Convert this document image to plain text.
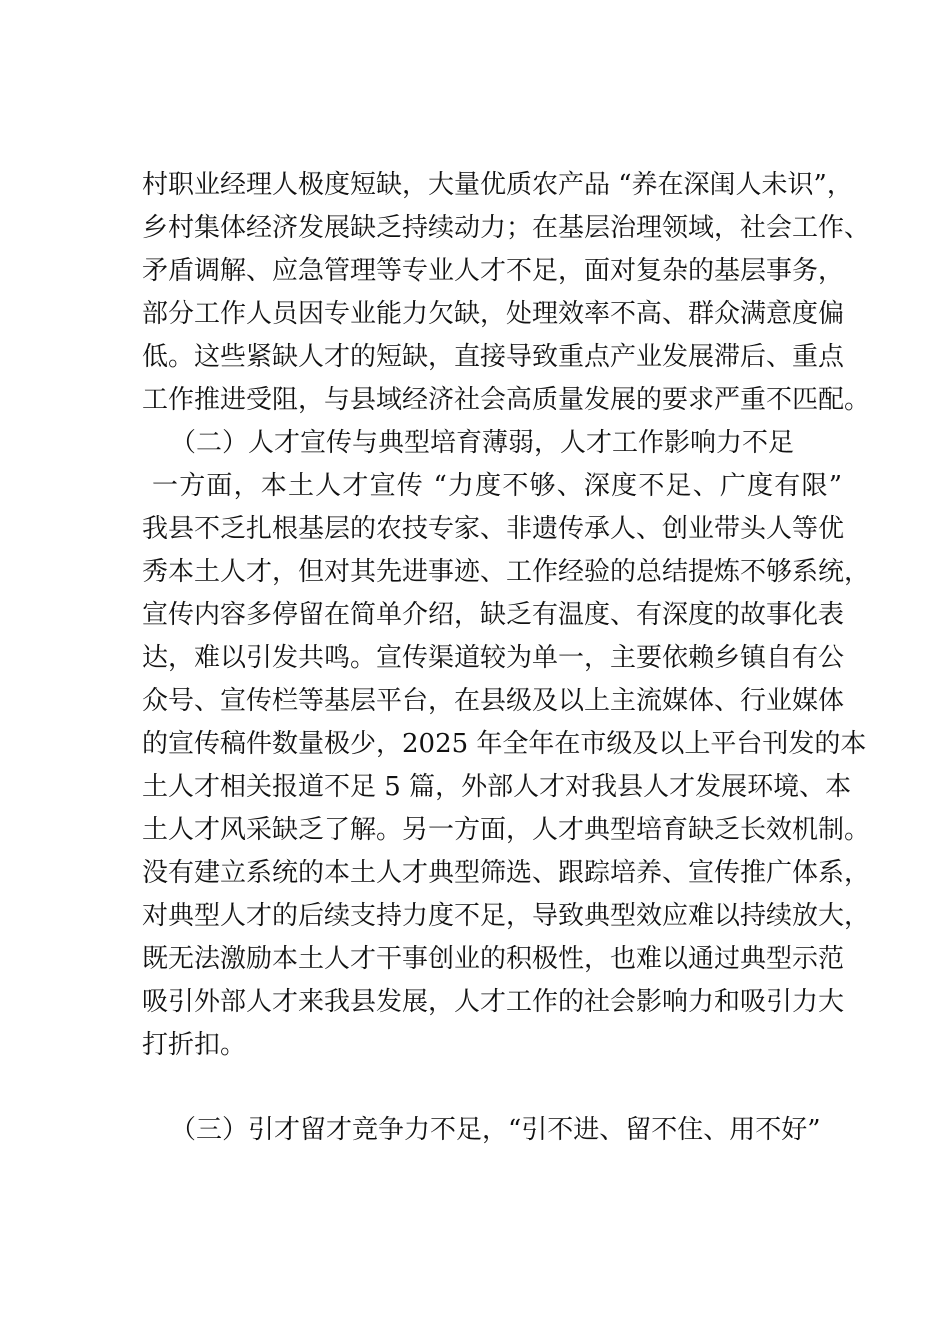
村职业经理人极度短缺，大量优质农产品 “养在深闺人未识”，
乡村集体经济发展缺乏持续动力；在基层治理领域，社会工作、
矛盾调解、应急管理等专业人才不足，面对复杂的基层事务，
部分工作人员因专业能力欠缺，处理效率不高、群众满意度偏
低。这些紧缺人才的短缺，直接导致重点产业发展滞后、重点
工作推进受阻，与县域经济社会高质量发展的要求严重不匹配。
（二）人才宣传与典型培育薄弱，人才工作影响力不足
一方面，本土人才宣传 “力度不够、深度不足、广度有限”
我县不乏扎根基层的农技专家、非遗传承人、创业带头人等优
秀本土人才，但对其先进事迹、工作经验的总结提炼不够系统，
宣传内容多停留在简单介绍，缺乏有温度、有深度的故事化表
达，难以引发共鸣。宣传渠道较为单一，主要依赖乡镇自有公
众号、宣传栏等基层平台，在县级及以上主流媒体、行业媒体
的宣传稿件数量极少，2025 年全年在市级及以上平台刊发的本
土人才相关报道不足 5 篇，外部人才对我县人才发展环境、本
土人才风采缺乏了解。另一方面，人才典型培育缺乏长效机制。
没有建立系统的本土人才典型筛选、跟踪培养、宣传推广体系，
对典型人才的后续支持力度不足，导致典型效应难以持续放大，
既无法激励本土人才干事创业的积极性，也难以通过典型示范
吸引外部人才来我县发展，人才工作的社会影响力和吸引力大
打折扣。
（三）引才留才竞争力不足，“引不进、留不住、用不好”
